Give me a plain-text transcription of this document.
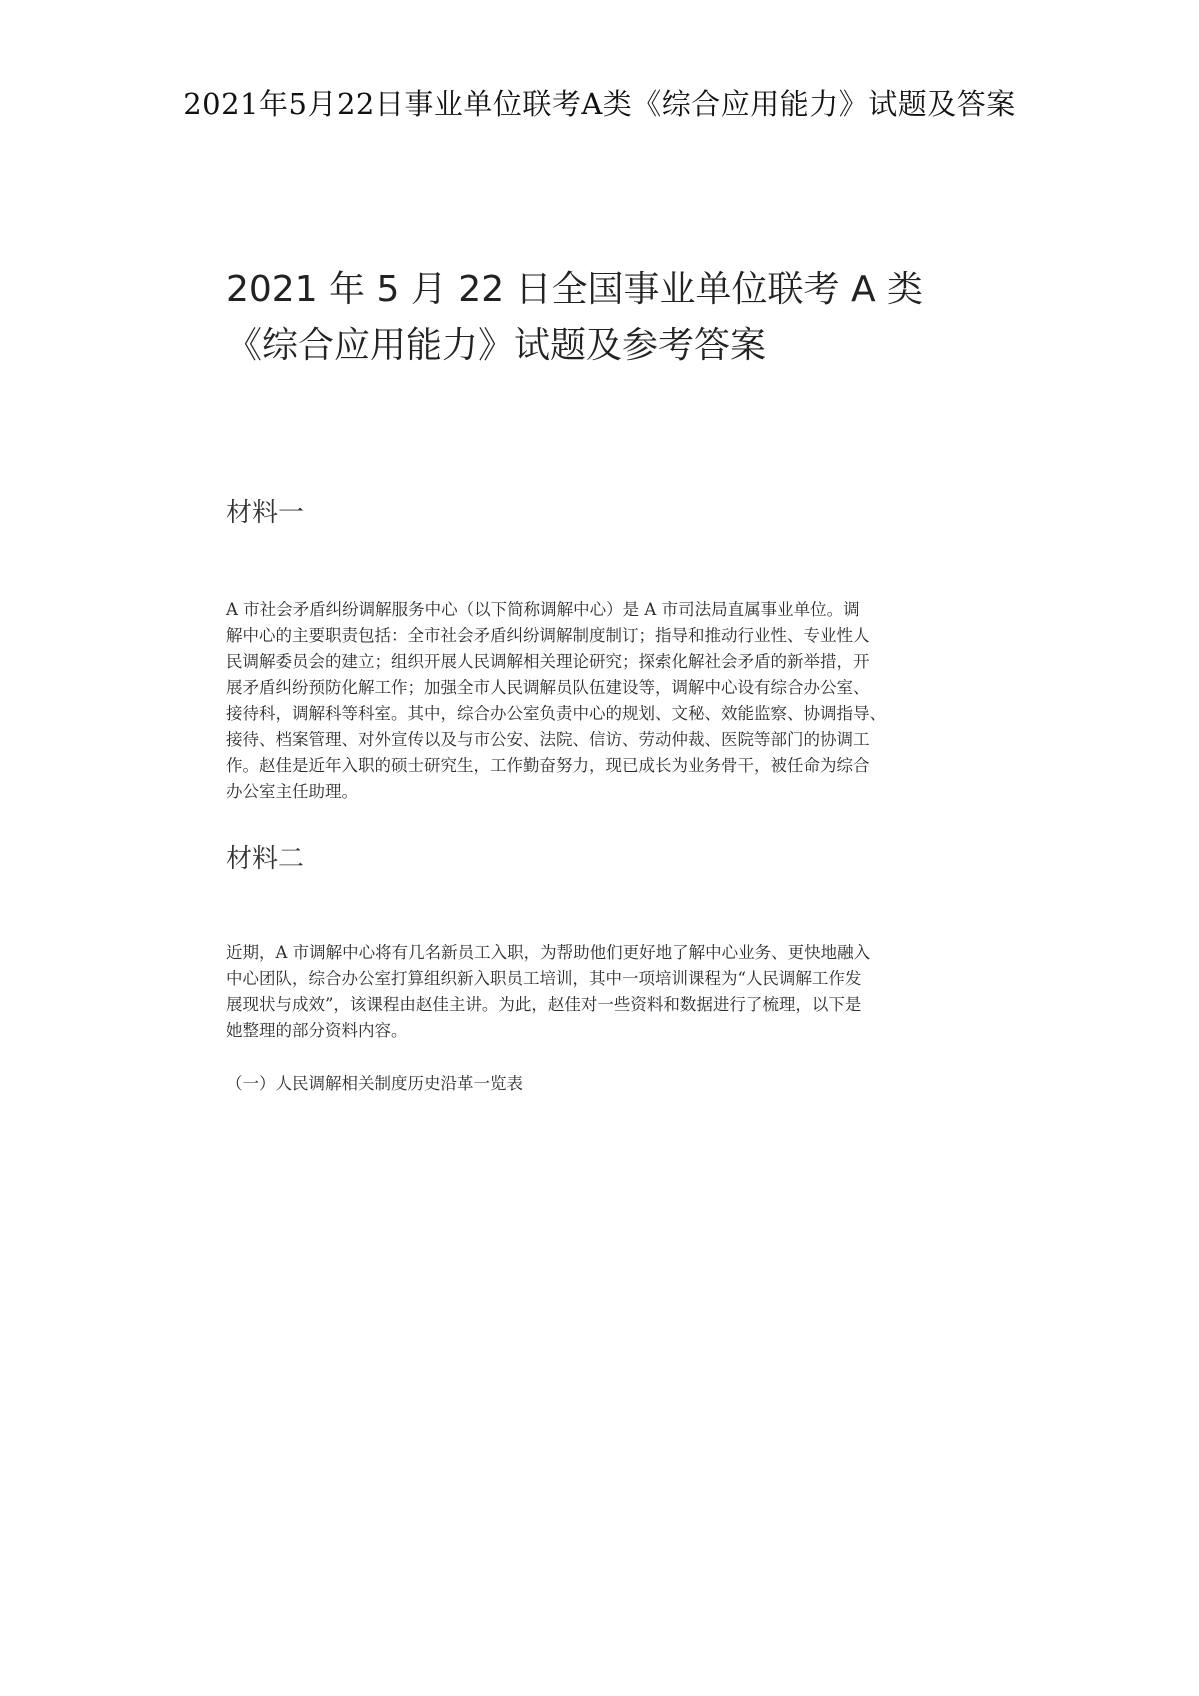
2021年5月22日事业单位联考A类《综合应用能力》试题及答案
2021 年 5 月 22 日全国事业单位联考 A 类
《综合应用能力》试题及参考答案
材料一

A 市社会矛盾纠纷调解服务中心（以下简称调解中心）是 A 市司法局直属事业单位。调
解中心的主要职责包括：全市社会矛盾纠纷调解制度制订；指导和推动行业性、专业性人
民调解委员会的建立；组织开展人民调解相关理论研究；探索化解社会矛盾的新举措，开
展矛盾纠纷预防化解工作；加强全市人民调解员队伍建设等，调解中心设有综合办公室、
接待科，调解科等科室。其中，综合办公室负责中心的规划、文秘、效能监察、协调指导、
接待、档案管理、对外宣传以及与市公安、法院、信访、劳动仲裁、医院等部门的协调工
作。赵佳是近年入职的硕士研究生，工作勤奋努力，现已成长为业务骨干，被任命为综合
办公室主任助理。

材料二

近期，A 市调解中心将有几名新员工入职，为帮助他们更好地了解中心业务、更快地融入
中心团队，综合办公室打算组织新入职员工培训，其中一项培训课程为“人民调解工作发
展现状与成效”，该课程由赵佳主讲。为此，赵佳对一些资料和数据进行了梳理，以下是
她整理的部分资料内容。

（一）人民调解相关制度历史沿革一览表
